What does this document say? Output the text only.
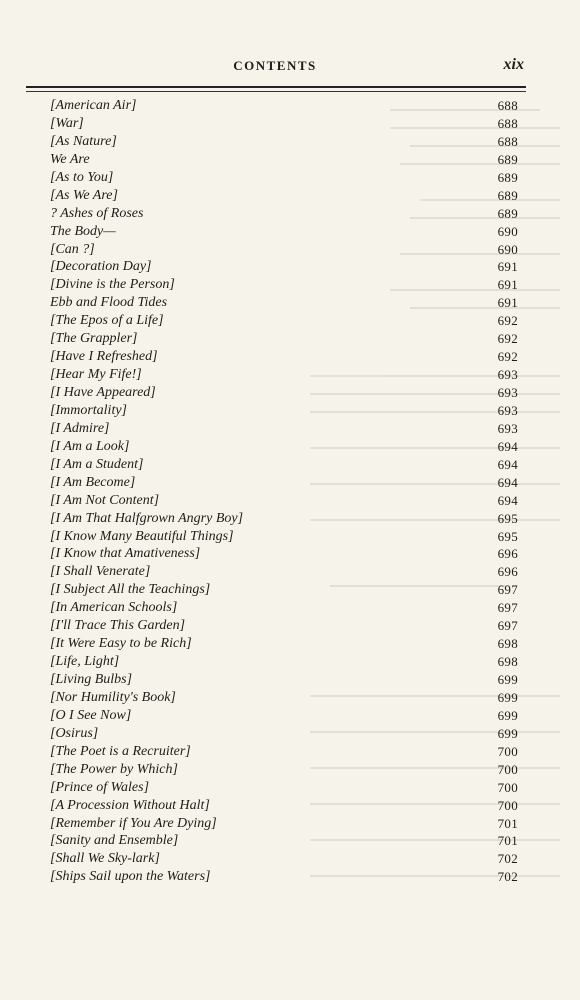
CONTENTS	xix
[American Air]	688
[War]	688
[As Nature]	688
We Are	689
[As to You]	689
[As We Are]	689
? Ashes of Roses	689
The Body—	690
[Can ?]	690
[Decoration Day]	691
[Divine is the Person]	691
Ebb and Flood Tides	691
[The Epos of a Life]	692
[The Grappler]	692
[Have I Refreshed]	692
[Hear My Fife!]	693
[I Have Appeared]	693
[Immortality]	693
[I Admire]	693
[I Am a Look]	694
[I Am a Student]	694
[I Am Become]	694
[I Am Not Content]	694
[I Am That Halfgrown Angry Boy]	695
[I Know Many Beautiful Things]	695
[I Know that Amativeness]	696
[I Shall Venerate]	696
[I Subject All the Teachings]	697
[In American Schools]	697
[I'll Trace This Garden]	697
[It Were Easy to be Rich]	698
[Life, Light]	698
[Living Bulbs]	699
[Nor Humility's Book]	699
[O I See Now]	699
[Osirus]	699
[The Poet is a Recruiter]	700
[The Power by Which]	700
[Prince of Wales]	700
[A Procession Without Halt]	700
[Remember if You Are Dying]	701
[Sanity and Ensemble]	701
[Shall We Sky-lark]	702
[Ships Sail upon the Waters]	702
